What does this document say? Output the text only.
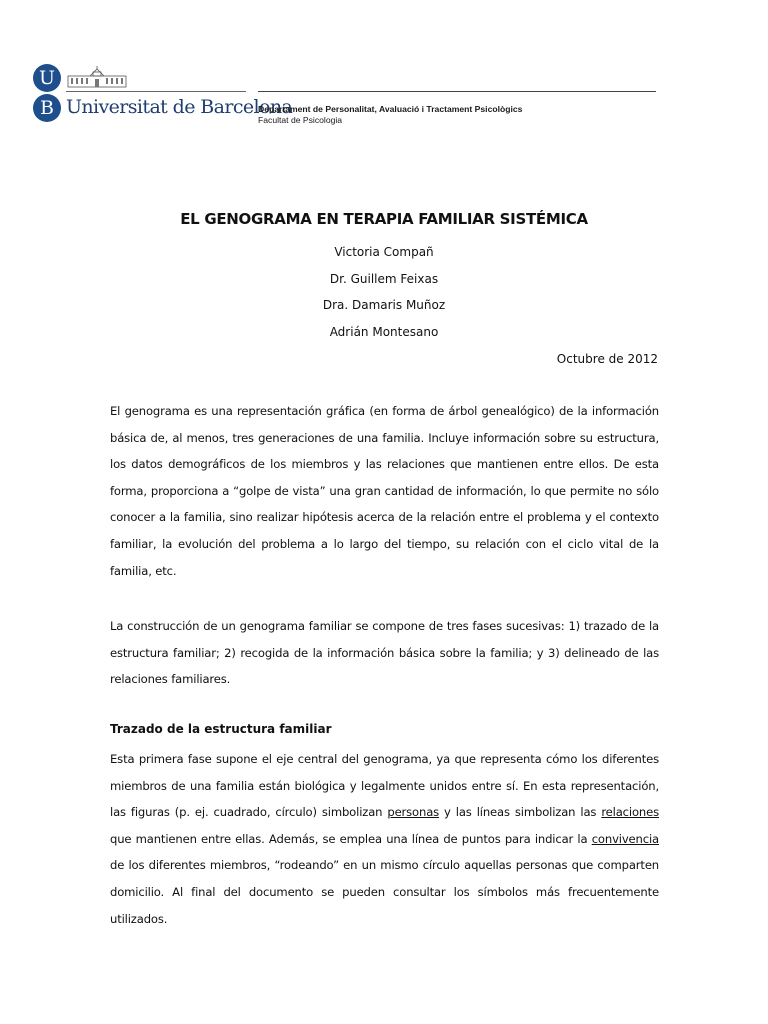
U
B Universitat de Barcelona
Departament de Personalitat, Avaluació i Tractament Psicològics
Facultat de Psicologia
EL GENOGRAMA EN TERAPIA FAMILIAR SISTÉMICA
Victoria Compañ
Dr. Guillem Feixas
Dra. Damaris Muñoz
Adrián Montesano
Octubre de 2012

El genograma es una representación gráfica (en forma de árbol genealógico) de la información básica de, al menos, tres generaciones de una familia. Incluye información sobre su estructura, los datos demográficos de los miembros y las relaciones que mantienen entre ellos. De esta forma, proporciona a “golpe de vista” una gran cantidad de información, lo que permite no sólo conocer a la familia, sino realizar hipótesis acerca de la relación entre el problema y el contexto familiar, la evolución del problema a lo largo del tiempo, su relación con el ciclo vital de la familia, etc.

La construcción de un genograma familiar se compone de tres fases sucesivas: 1) trazado de la estructura familiar; 2) recogida de la información básica sobre la familia; y 3) delineado de las relaciones familiares.

Trazado de la estructura familiar

Esta primera fase supone el eje central del genograma, ya que representa cómo los diferentes miembros de una familia están biológica y legalmente unidos entre sí. En esta representación, las figuras (p. ej. cuadrado, círculo) simbolizan personas y las líneas simbolizan las relaciones que mantienen entre ellas. Además, se emplea una línea de puntos para indicar la convivencia de los diferentes miembros, “rodeando” en un mismo círculo aquellas personas que comparten domicilio. Al final del documento se pueden consultar los símbolos más frecuentemente utilizados.
